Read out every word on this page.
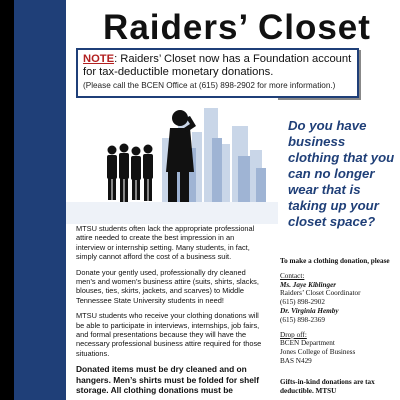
Raiders’ Closet
NOTE: Raiders’ Closet now has a Foundation account for tax-deductible monetary donations.
(Please call the BCEN Office at (615) 898-2902 for more information.)
Do you have business clothing that you can no longer wear that is taking up your closet space?

MTSU students often lack the appropriate professional attire needed to create the best impression in an interview or internship setting. Many students, in fact, simply cannot afford the cost of a business suit.

Donate your gently used, professionally dry cleaned men’s and women’s business attire (suits, shirts, slacks, blouses, ties, skirts, jackets, and scarves) to Middle Tennessee State University students in need!

MTSU students who receive your clothing donations will be able to participate in interviews, internships, job fairs, and formal presentations because they will have the necessary professional business attire required for those situations.

Donated items must be dry cleaned and on hangers. Men’s shirts must be folded for shelf storage. All clothing donations must be

To make a clothing donation, please
Contact:
Ms. Jaye Kiblinger
Raiders’ Closet Coordinator
(615) 898-2902
Dr. Virginia Hemby
(615) 898-2369
Drop off:
BCEN Department
Jones College of Business
BAS N429
Gifts-in-kind donations are tax deductible. MTSU
